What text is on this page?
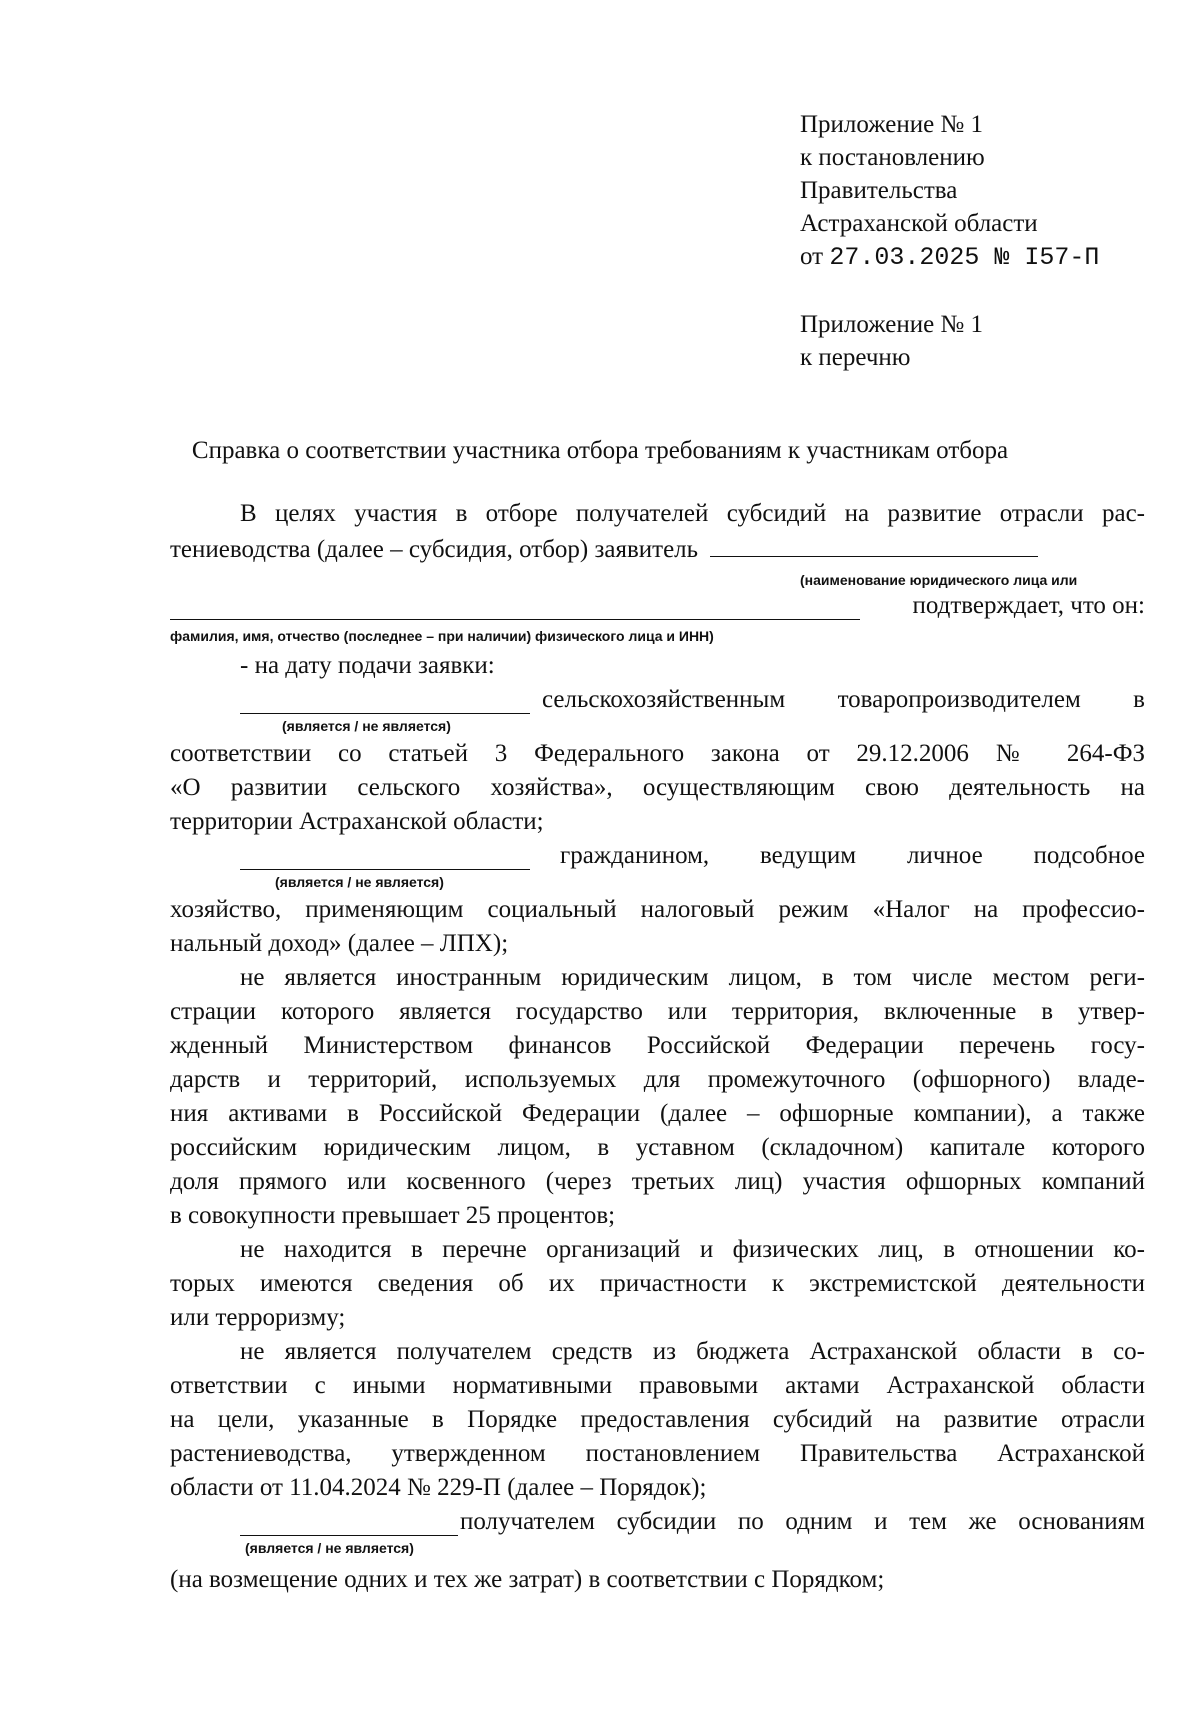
Приложение № 1
к постановлению
Правительства
Астраханской области
от 27.03.2025 № I57-П
Приложение № 1
к перечню
Справка о соответствии участника отбора требованиям к участникам отбора
В целях участия в отборе получателей субсидий на развитие отрасли рас-
тениеводства (далее – субсидия, отбор) заявитель
(наименование юридического лица или
подтверждает, что он:
фамилия, имя, отчество (последнее – при наличии) физического лица и ИНН)
- на дату подачи заявки:
сельскохозяйственным товаропроизводителем в
(является / не является)
соответствии со статьей 3 Федерального закона от 29.12.2006 № 264-ФЗ
«О развитии сельского хозяйства», осуществляющим свою деятельность на
территории Астраханской области;
гражданином, ведущим личное подсобное
(является / не является)
хозяйство, применяющим социальный налоговый режим «Налог на профессио-
нальный доход» (далее – ЛПХ);
не является иностранным юридическим лицом, в том числе местом реги-
страции которого является государство или территория, включенные в утвер-
жденный Министерством финансов Российской Федерации перечень госу-
дарств и территорий, используемых для промежуточного (офшорного) владе-
ния активами в Российской Федерации (далее – офшорные компании), а также
российским юридическим лицом, в уставном (складочном) капитале которого
доля прямого или косвенного (через третьих лиц) участия офшорных компаний
в совокупности превышает 25 процентов;
не находится в перечне организаций и физических лиц, в отношении ко-
торых имеются сведения об их причастности к экстремистской деятельности
или терроризму;
не является получателем средств из бюджета Астраханской области в со-
ответствии с иными нормативными правовыми актами Астраханской области
на цели, указанные в Порядке предоставления субсидий на развитие отрасли
растениеводства, утвержденном постановлением Правительства Астраханской
области от 11.04.2024 № 229-П (далее – Порядок);
получателем субсидии по одним и тем же основаниям
(является / не является)
(на возмещение одних и тех же затрат) в соответствии с Порядком;
